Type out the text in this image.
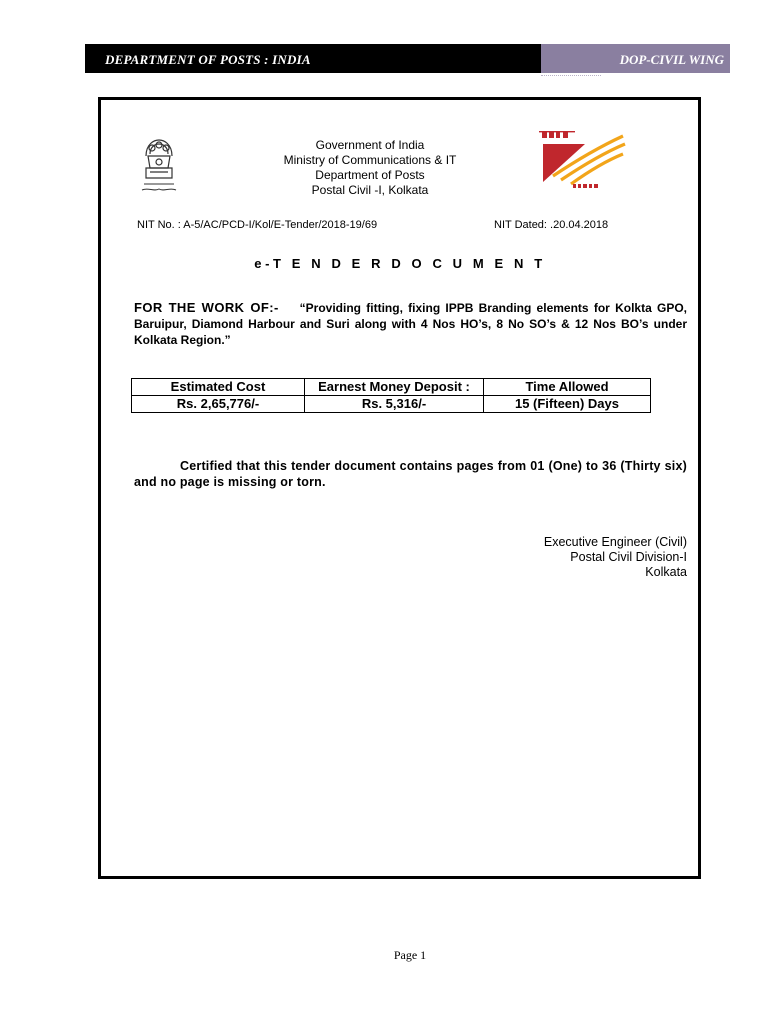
DEPARTMENT OF POSTS : INDIA	DOP-CIVIL WING
Government of India
Ministry of Communications & IT
Department of Posts
Postal Civil -I, Kolkata
NIT No. : A-5/AC/PCD-I/Kol/E-Tender/2018-19/69	NIT Dated: .20.04.2018
e-T E N D E R D O C U M E N T
FOR THE WORK OF:- “Providing fitting, fixing IPPB Branding elements for Kolkta GPO, Baruipur, Diamond Harbour and Suri along with 4 Nos HO’s, 8 No SO’s & 12 Nos BO’s under Kolkata Region.”
Estimated Cost	Earnest Money Deposit :	Time Allowed
Rs. 2,65,776/-	Rs. 5,316/-	15 (Fifteen) Days
Certified that this tender document contains pages from 01 (One) to 36 (Thirty six) and no page is missing or torn.
Executive Engineer (Civil)
Postal Civil Division-I
Kolkata
Page 1
